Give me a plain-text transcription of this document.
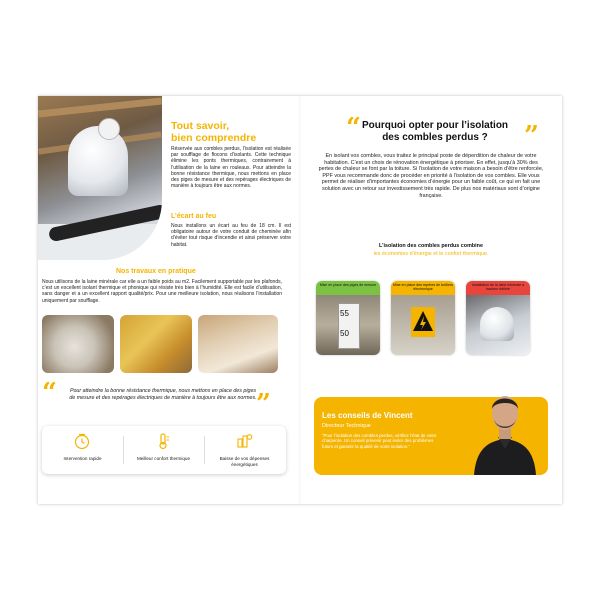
Tout savoir,
bien comprendre
Réservée aux combles perdus, l’isolation est réalisée par soufflage de flocons d’isolants. Cette technique élimine les ponts thermiques, contrairement à l’utilisation de la laine en rouleaux. Pour atteindre la bonne résistance thermique, nous mettons en place des piges de mesure et des repérages électriques de manière à toujours être aux normes.
L’écart au feu
Nous installons un écart au feu de 18 cm. Il est obligatoire autour de votre conduit de cheminée afin d’éviter tout risque d’incendie et ainsi préserver votre habitat.
Nos travaux en pratique
Nous utilisons de la laine minérale car elle a un faible poids au m2. Facilement supportable par les plafonds, c’est un excellent isolant thermique et phonique qui résiste très bien à l’humidité. Elle est facile d’utilisation, sans danger et a un excellent rapport qualité/prix. Pour une meilleure isolation, nous réalisons l’installation uniquement par soufflage.
“	Pour atteindre la bonne résistance thermique, nous mettons en place des piges de mesure et des repérages électriques de manière à toujours être aux normes. ”
Intervention rapide	Meilleur confort thermique	Baisse de vos dépenses énergétiques
“ Pourquoi opter pour l’isolation
des combles perdus ?	”
En isolant vos combles, vous traitez le principal poste de déperdition de chaleur de votre habitation. C’est un choix de rénovation énergétique à prioriser. En effet, jusqu’à 30% des pertes de chaleur se font par la toiture. Si l’isolation de votre maison a besoin d’être renforcée, PPF vous recommande donc de procéder en priorité à l’isolation de vos combles. Elle vous permet de réaliser d’importantes économies d’énergie pour un faible coût, ce qui en fait une solution avec un retour sur investissement très rapide. De plus nos matériaux sont d’origine française.
L’isolation des combles perdus combine
les économies d’énergie et le confort thermique.
Mise en place des piges de mesure
55
50
Mise en place des repères de boîtiers électronique
Installation de la laine minérale à hauteur définie
Les conseils de Vincent
Directeur Technique
“Pour l’isolation des combles perdus, vérifiez l’état de votre charpente. Un conseil prévenir peut éviter des problèmes futurs et garantir la qualité de votre isolation.”
